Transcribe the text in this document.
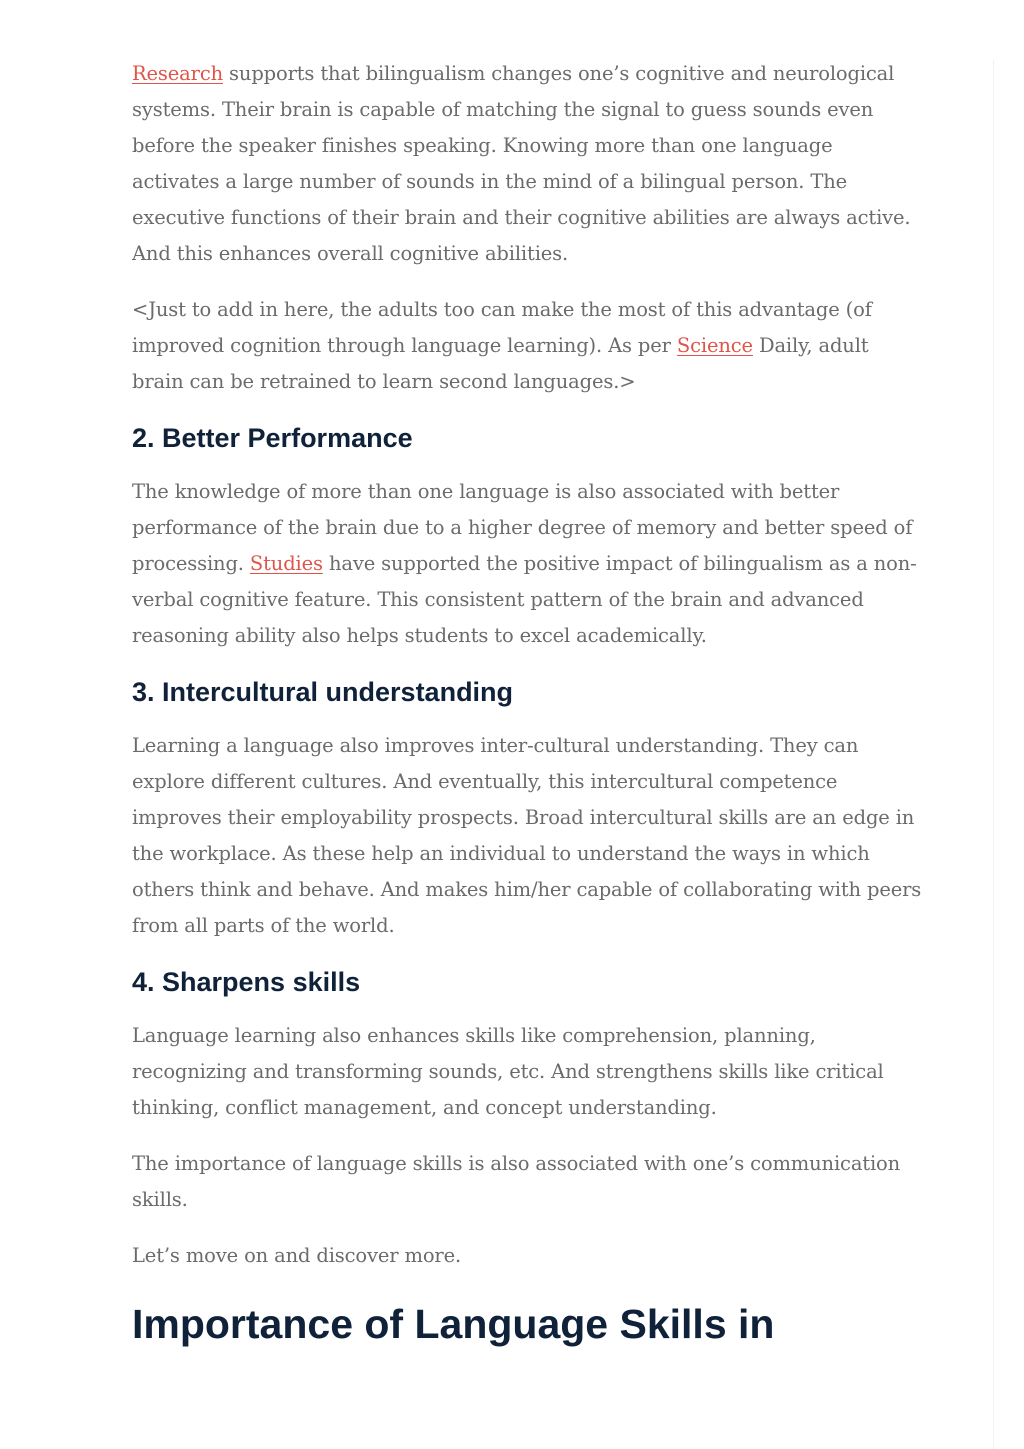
Research supports that bilingualism changes one’s cognitive and neurological systems. Their brain is capable of matching the signal to guess sounds even before the speaker finishes speaking. Knowing more than one language activates a large number of sounds in the mind of a bilingual person. The executive functions of their brain and their cognitive abilities are always active. And this enhances overall cognitive abilities.

<Just to add in here, the adults too can make the most of this advantage (of improved cognition through language learning). As per Science Daily, adult brain can be retrained to learn second languages.>

2. Better Performance

The knowledge of more than one language is also associated with better performance of the brain due to a higher degree of memory and better speed of processing. Studies have supported the positive impact of bilingualism as a non-verbal cognitive feature. This consistent pattern of the brain and advanced reasoning ability also helps students to excel academically.

3. Intercultural understanding

Learning a language also improves inter-cultural understanding. They can explore different cultures. And eventually, this intercultural competence improves their employability prospects. Broad intercultural skills are an edge in the workplace. As these help an individual to understand the ways in which others think and behave. And makes him/her capable of collaborating with peers from all parts of the world.

4. Sharpens skills

Language learning also enhances skills like comprehension, planning, recognizing and transforming sounds, etc. And strengthens skills like critical thinking, conflict management, and concept understanding.

The importance of language skills is also associated with one’s communication skills.

Let’s move on and discover more.

Importance of Language Skills in
